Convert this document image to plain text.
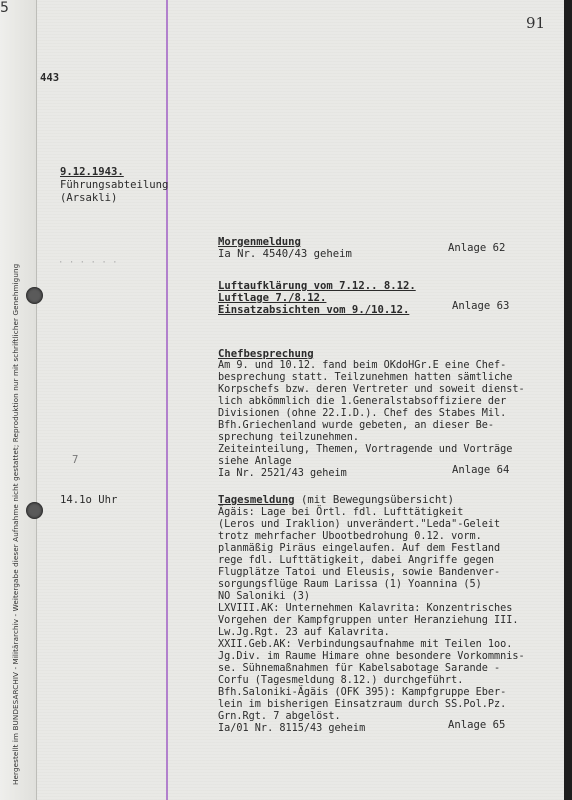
Hergestellt im BUNDESARCHIV - Militärarchiv - Weitergabe dieser Aufnahme nicht gestattet; Reproduktion nur mit schriftlicher Genehmigung
5
91
443
9.12.1943.
Führungsabteilung
(Arsakli)
· · · · · ·
Morgenmeldung
Ia Nr. 4540/43 geheim	Anlage 62
Luftaufklärung vom 7.12.. 8.12.
Luftlage 7./8.12.
Einsatzabsichten vom 9./10.12.	Anlage 63
Chefbesprechung
Am 9. und 10.12. fand beim OKdoHGr.E eine Chef-
besprechung statt. Teilzunehmen hatten sämtliche
Korpschefs bzw. deren Vertreter und soweit dienst-
lich abkömmlich die 1.Generalstabsoffiziere der
Divisionen (ohne 22.I.D.). Chef des Stabes Mil.
Bfh.Griechenland wurde gebeten, an dieser Be-
sprechung teilzunehmen.
Zeiteinteilung, Themen, Vortragende und Vorträge
siehe Anlage
Ia Nr. 2521/43 geheim	Anlage 64
7
14.1o Uhr	Tagesmeldung (mit Bewegungsübersicht)
Ägäis: Lage bei Örtl. fdl. Lufttätigkeit
(Leros und Iraklion) unverändert."Leda"-Geleit
trotz mehrfacher Ubootbedrohung 0.12. vorm.
planmäßig Piräus eingelaufen. Auf dem Festland
rege fdl. Lufttätigkeit, dabei Angriffe gegen
Flugplätze Tatoi und Eleusis, sowie Bandenver-
sorgungsflüge Raum Larissa (1) Yoannina (5)
NO Saloniki (3)
LXVIII.AK: Unternehmen Kalavrita: Konzentrisches
Vorgehen der Kampfgruppen unter Heranziehung III.
Lw.Jg.Rgt. 23 auf Kalavrita.
XXII.Geb.AK: Verbindungsaufnahme mit Teilen 1oo.
Jg.Div. im Raume Himare ohne besondere Vorkommnis-
se. Sühnemaßnahmen für Kabelsabotage Sarande -
Corfu (Tagesmeldung 8.12.) durchgeführt.
Bfh.Saloniki-Ägäis (OFK 395): Kampfgruppe Eber-
lein im bisherigen Einsatzraum durch SS.Pol.Pz.
Grn.Rgt. 7 abgelöst.
Ia/01 Nr. 8115/43 geheim	Anlage 65
